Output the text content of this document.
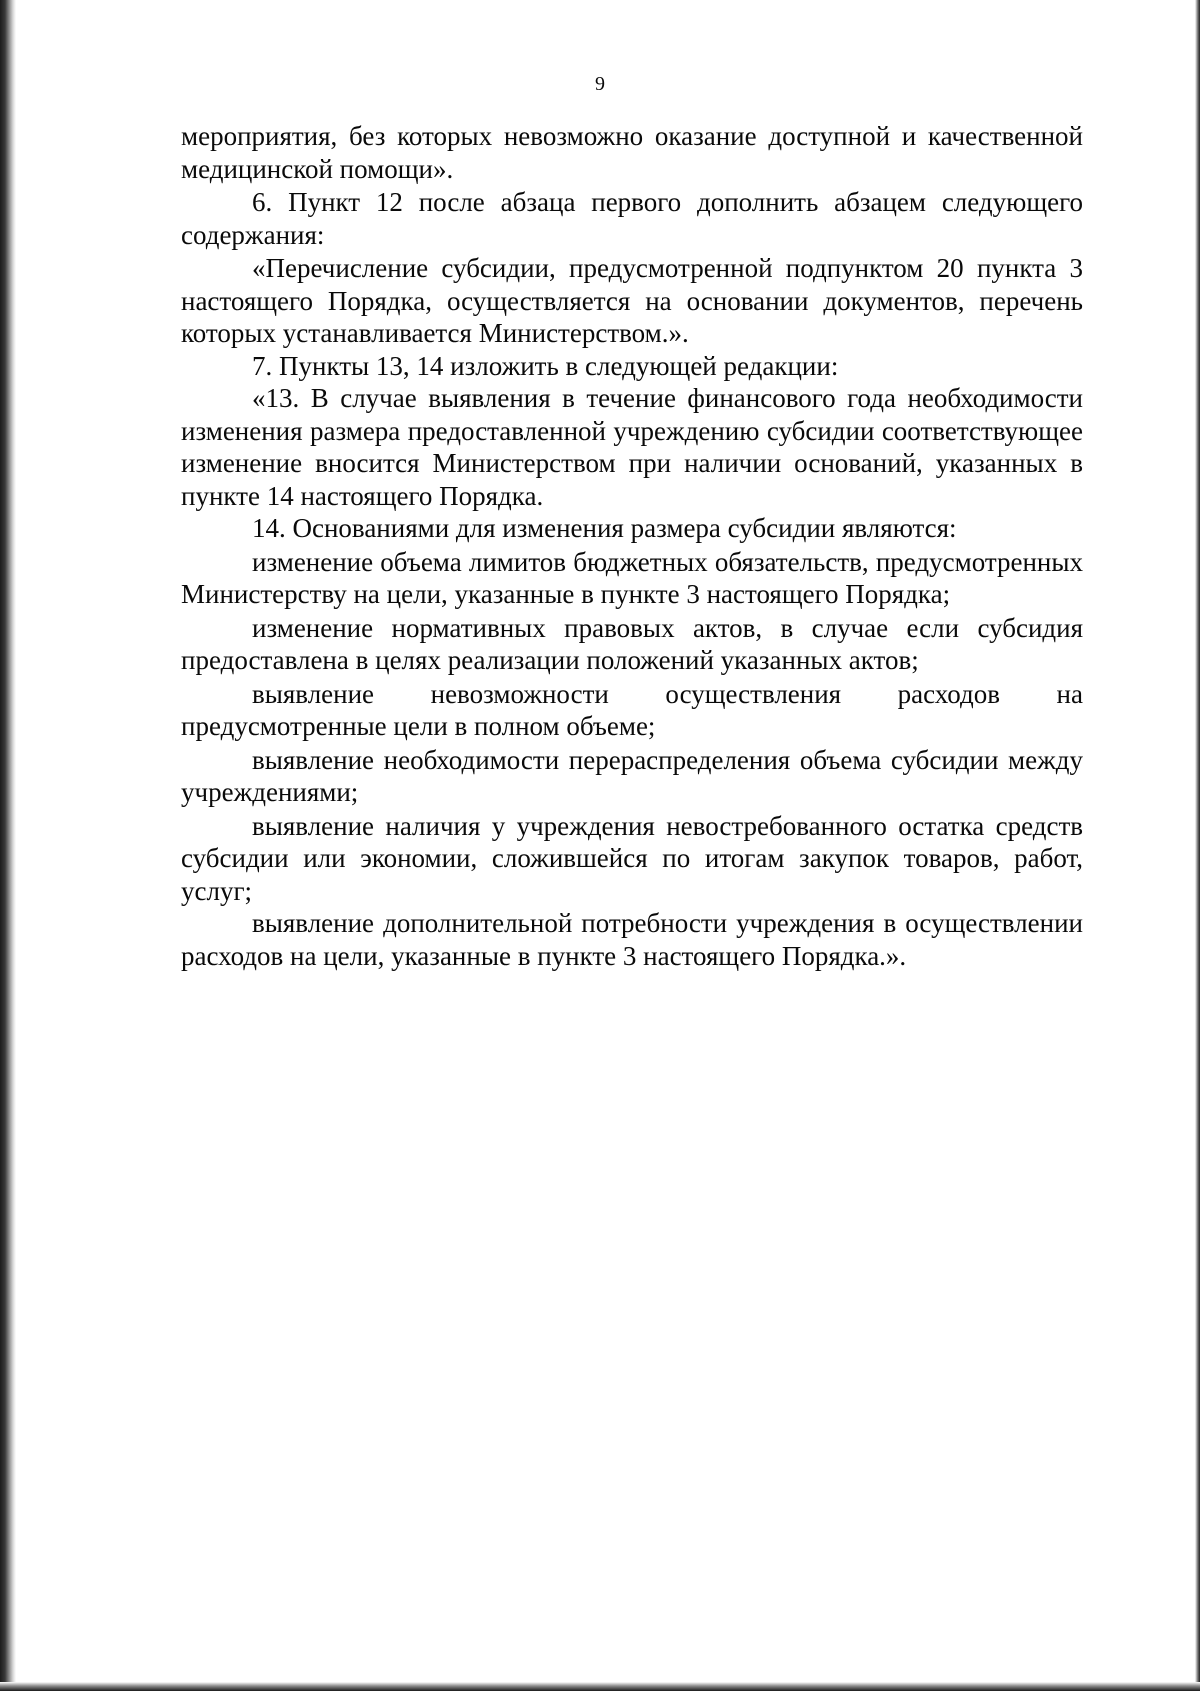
9

мероприятия, без которых невозможно оказание доступной и качественной медицинской помощи».

6. Пункт 12 после абзаца первого дополнить абзацем следующего содержания:

«Перечисление субсидии, предусмотренной подпунктом 20 пункта 3 настоящего Порядка, осуществляется на основании документов, перечень которых устанавливается Министерством.».

7. Пункты 13, 14 изложить в следующей редакции:

«13. В случае выявления в течение финансового года необходимости изменения размера предоставленной учреждению субсидии соответствующее изменение вносится Министерством при наличии оснований, указанных в пункте 14 настоящего Порядка.

14. Основаниями для изменения размера субсидии являются:

изменение объема лимитов бюджетных обязательств, предусмотренных Министерству на цели, указанные в пункте 3 настоящего Порядка;

изменение нормативных правовых актов, в случае если субсидия предоставлена в целях реализации положений указанных актов;

выявление невозможности осуществления расходов на предусмотренные цели в полном объеме;

выявление необходимости перераспределения объема субсидии между учреждениями;

выявление наличия у учреждения невостребованного остатка средств субсидии или экономии, сложившейся по итогам закупок товаров, работ, услуг;

выявление дополнительной потребности учреждения в осуществлении расходов на цели, указанные в пункте 3 настоящего Порядка.».
